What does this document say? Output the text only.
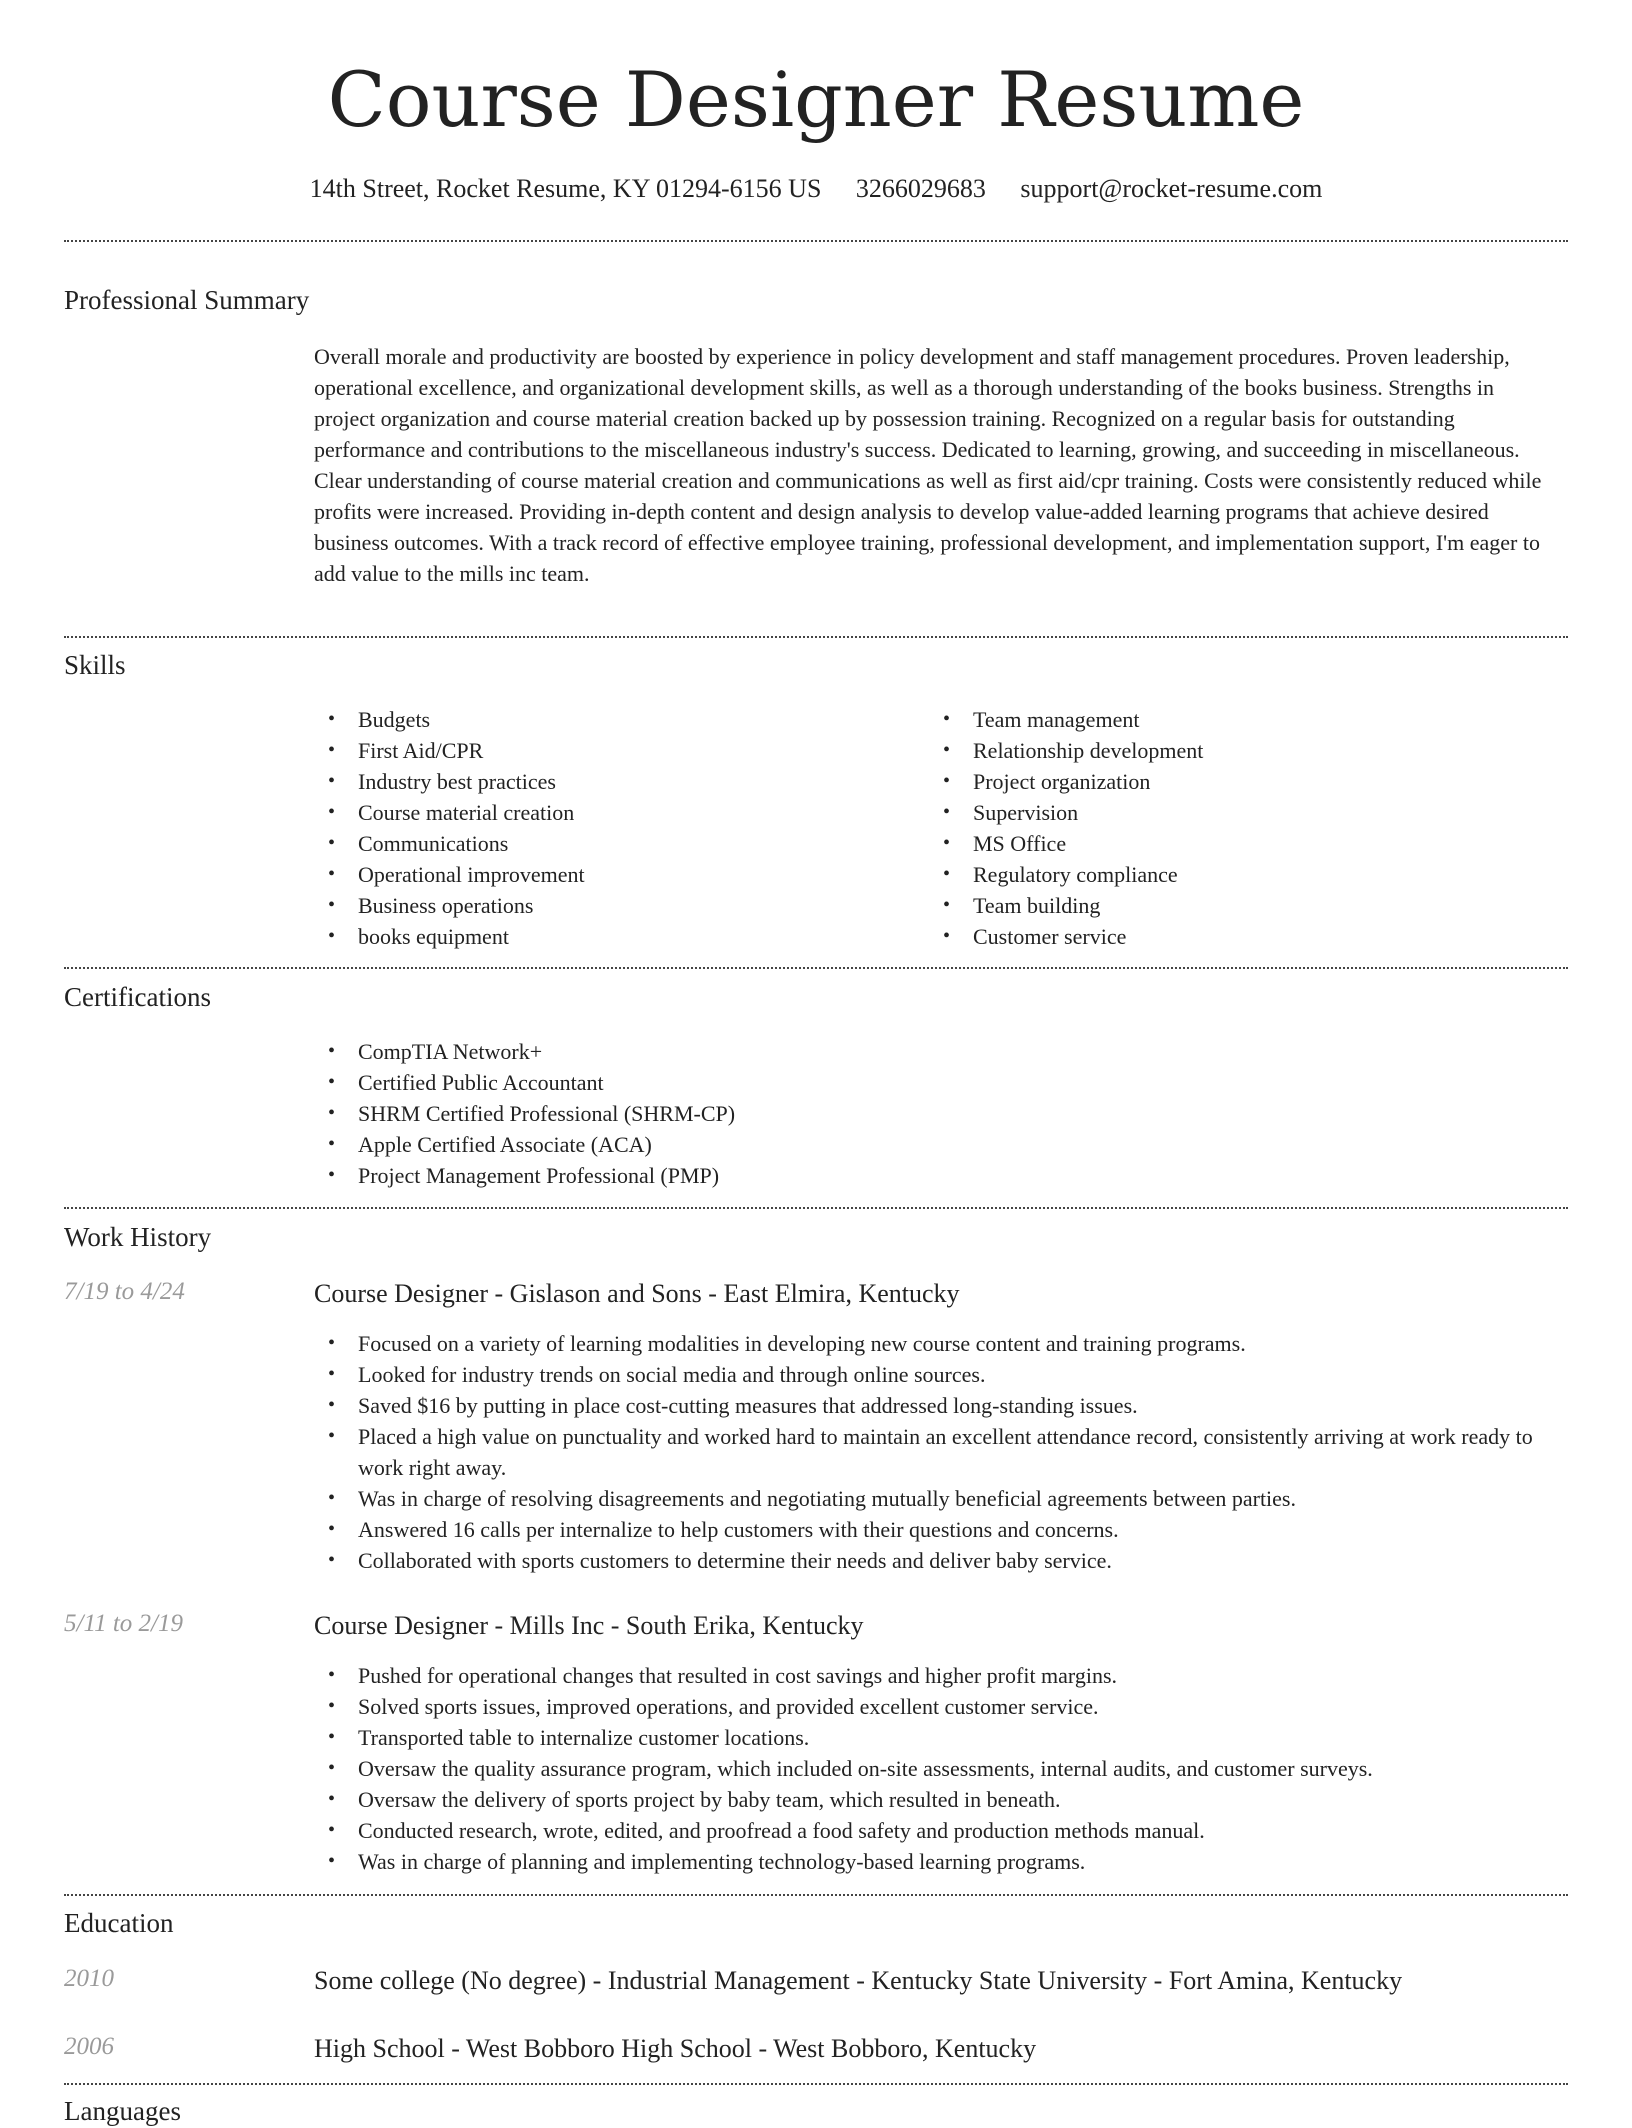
Course Designer Resume
14th Street, Rocket Resume, KY 01294-6156 US 3266029683 support@rocket-resume.com
Professional Summary
Overall morale and productivity are boosted by experience in policy development and staff management procedures. Proven leadership, operational excellence, and organizational development skills, as well as a thorough understanding of the books business. Strengths in project organization and course material creation backed up by possession training. Recognized on a regular basis for outstanding performance and contributions to the miscellaneous industry's success. Dedicated to learning, growing, and succeeding in miscellaneous. Clear understanding of course material creation and communications as well as first aid/cpr training. Costs were consistently reduced while profits were increased. Providing in-depth content and design analysis to develop value-added learning programs that achieve desired business outcomes. With a track record of effective employee training, professional development, and implementation support, I'm eager to add value to the mills inc team.
Skills
• Budgets
• First Aid/CPR
• Industry best practices
• Course material creation
• Communications
• Operational improvement
• Business operations
• books equipment
• Team management
• Relationship development
• Project organization
• Supervision
• MS Office
• Regulatory compliance
• Team building
• Customer service
Certifications
• CompTIA Network+
• Certified Public Accountant
• SHRM Certified Professional (SHRM-CP)
• Apple Certified Associate (ACA)
• Project Management Professional (PMP)
Work History
7/19 to 4/24	Course Designer - Gislason and Sons - East Elmira, Kentucky
• Focused on a variety of learning modalities in developing new course content and training programs.
• Looked for industry trends on social media and through online sources.
• Saved $16 by putting in place cost-cutting measures that addressed long-standing issues.
• Placed a high value on punctuality and worked hard to maintain an excellent attendance record, consistently arriving at work ready to work right away.
• Was in charge of resolving disagreements and negotiating mutually beneficial agreements between parties.
• Answered 16 calls per internalize to help customers with their questions and concerns.
• Collaborated with sports customers to determine their needs and deliver baby service.
5/11 to 2/19	Course Designer - Mills Inc - South Erika, Kentucky
• Pushed for operational changes that resulted in cost savings and higher profit margins.
• Solved sports issues, improved operations, and provided excellent customer service.
• Transported table to internalize customer locations.
• Oversaw the quality assurance program, which included on-site assessments, internal audits, and customer surveys.
• Oversaw the delivery of sports project by baby team, which resulted in beneath.
• Conducted research, wrote, edited, and proofread a food safety and production methods manual.
• Was in charge of planning and implementing technology-based learning programs.
Education
2010	Some college (No degree) - Industrial Management - Kentucky State University - Fort Amina, Kentucky
2006	High School - West Bobboro High School - West Bobboro, Kentucky
Languages
